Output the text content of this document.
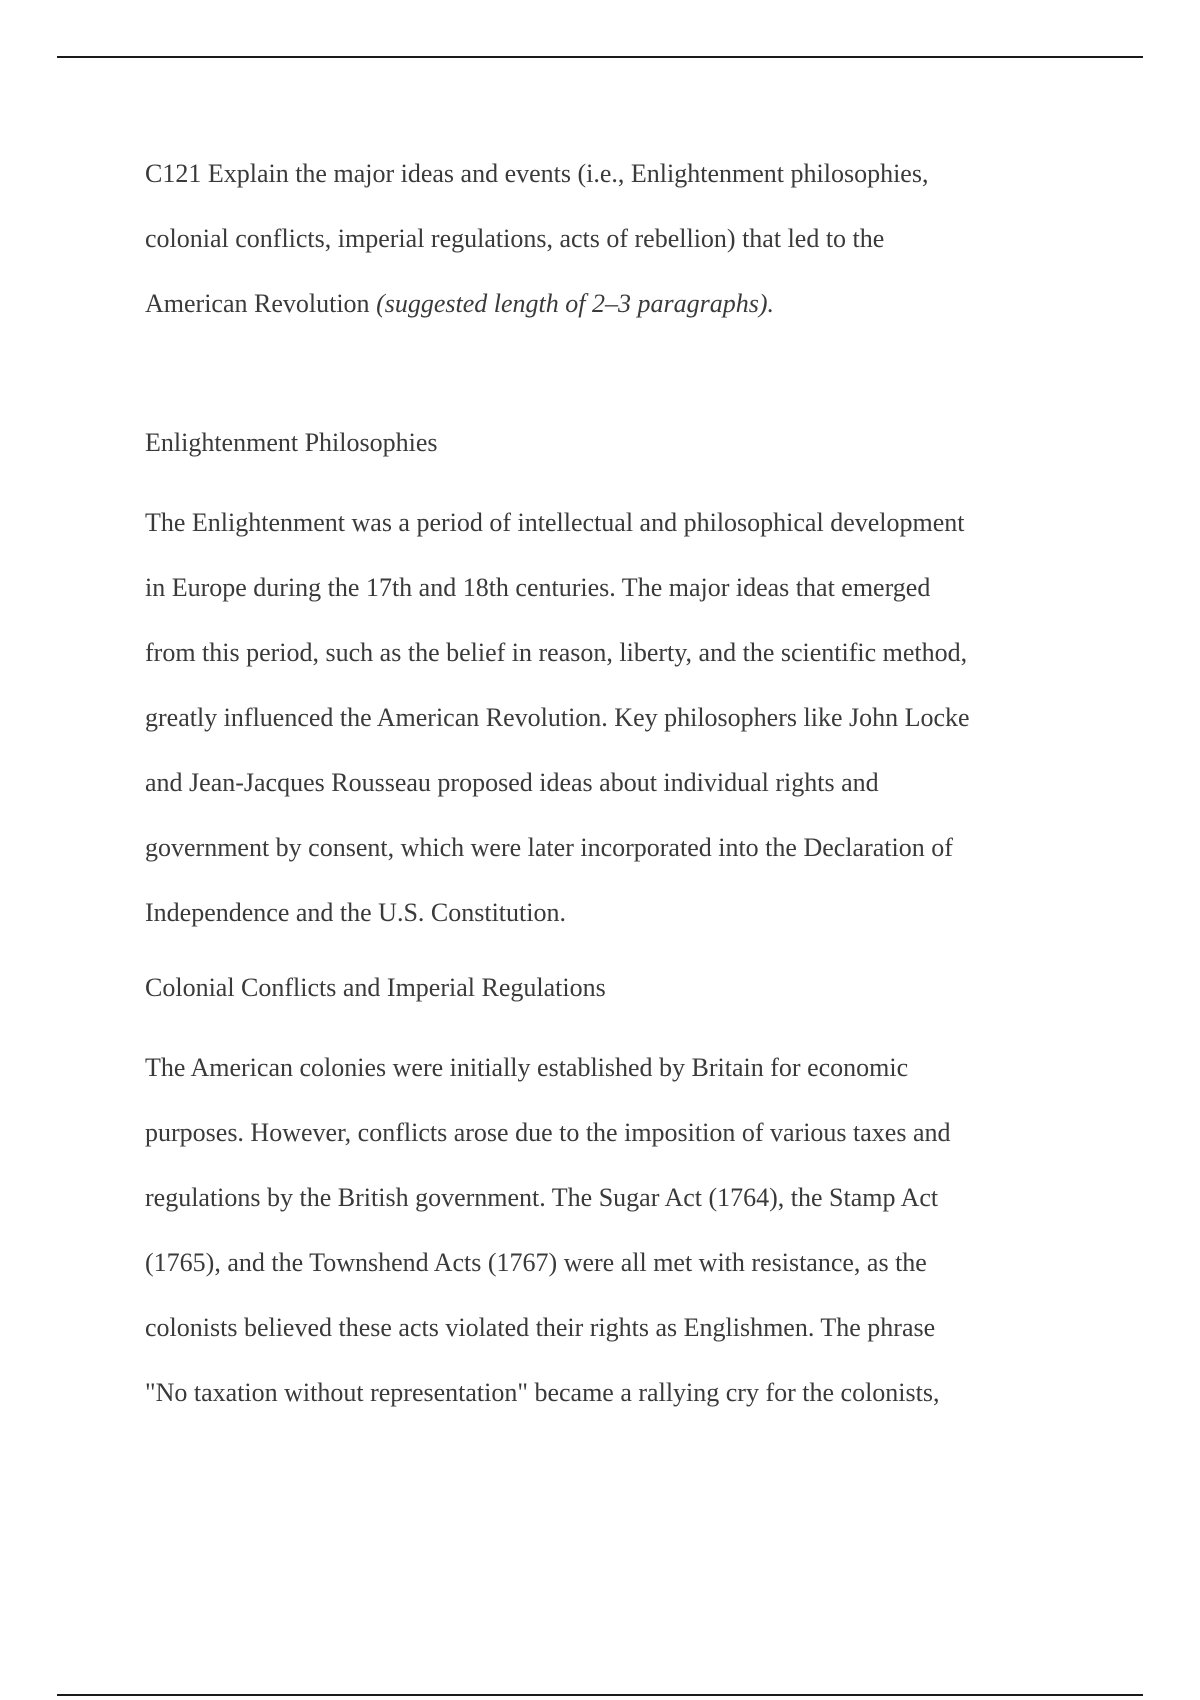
C121 Explain the major ideas and events (i.e., Enlightenment philosophies,

colonial conflicts, imperial regulations, acts of rebellion) that led to the

American Revolution (suggested length of 2–3 paragraphs).

Enlightenment Philosophies

The Enlightenment was a period of intellectual and philosophical development

in Europe during the 17th and 18th centuries. The major ideas that emerged

from this period, such as the belief in reason, liberty, and the scientific method,

greatly influenced the American Revolution. Key philosophers like John Locke

and Jean-Jacques Rousseau proposed ideas about individual rights and

government by consent, which were later incorporated into the Declaration of

Independence and the U.S. Constitution.

Colonial Conflicts and Imperial Regulations

The American colonies were initially established by Britain for economic

purposes. However, conflicts arose due to the imposition of various taxes and

regulations by the British government. The Sugar Act (1764), the Stamp Act

(1765), and the Townshend Acts (1767) were all met with resistance, as the

colonists believed these acts violated their rights as Englishmen. The phrase

"No taxation without representation" became a rallying cry for the colonists,
